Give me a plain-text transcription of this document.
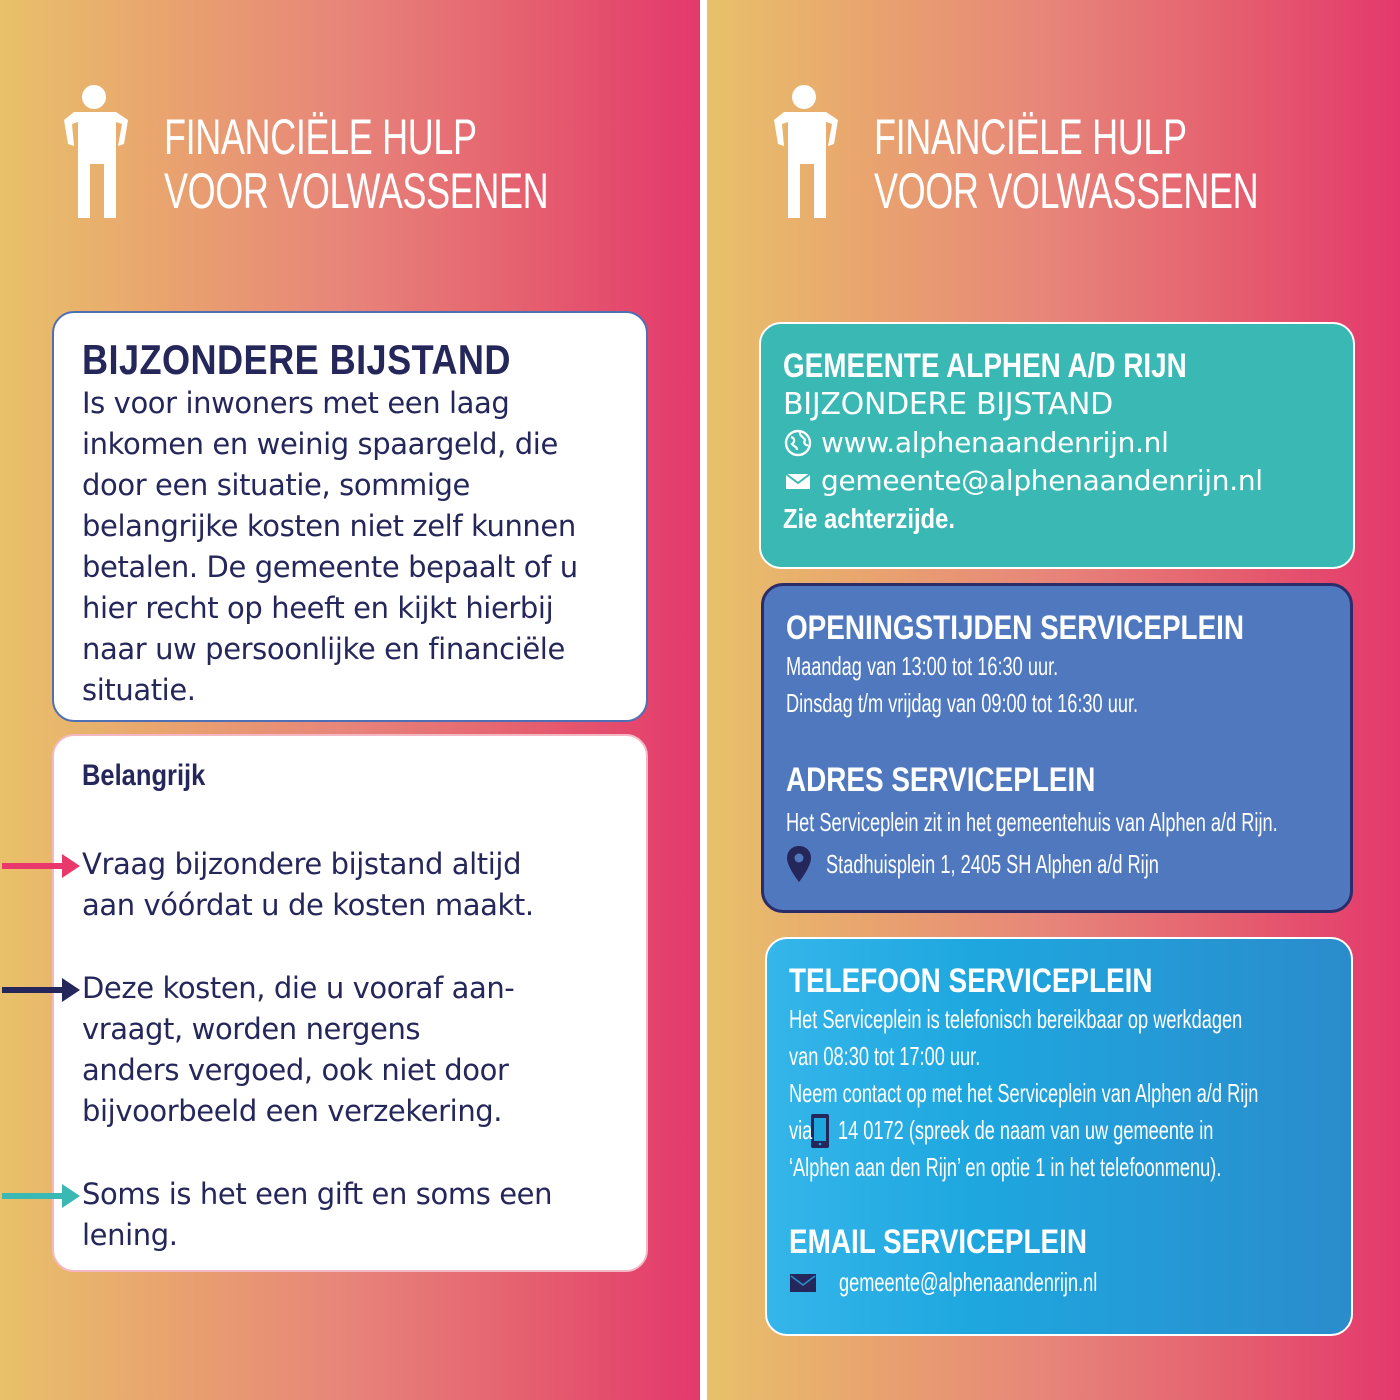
FINANCIËLE HULP
VOOR VOLWASSENEN
BIJZONDERE BIJSTAND

Is voor inwoners met een laag

inkomen en weinig spaargeld, die

door een situatie, sommige

belangrijke kosten niet zelf kunnen

betalen. De gemeente bepaalt of u

hier recht op heeft en kijkt hierbij

naar uw persoonlijke en financiële

situatie.

Belangrijk
Vraag bijzondere bijstand altijd
aan vóórdat u de kosten maakt.
Deze kosten, die u vooraf aan-
vraagt, worden nergens
anders vergoed, ook niet door
bijvoorbeeld een verzekering.
Soms is het een gift en soms een
lening.
FINANCIËLE HULP
VOOR VOLWASSENEN
GEMEENTE ALPHEN A/D RIJN
BIJZONDERE BIJSTAND
www.alphenaandenrijn.nl
gemeente@alphenaandenrijn.nl
Zie achterzijde.
OPENINGSTIJDEN SERVICEPLEIN
Maandag van 13:00 tot 16:30 uur.
Dinsdag t/m vrijdag van 09:00 tot 16:30 uur.
ADRES SERVICEPLEIN
Het Serviceplein zit in het gemeentehuis van Alphen a/d Rijn.
Stadhuisplein 1, 2405 SH Alphen a/d Rijn
TELEFOON SERVICEPLEIN
Het Serviceplein is telefonisch bereikbaar op werkdagen
van 08:30 tot 17:00 uur.
Neem contact op met het Serviceplein van Alphen a/d Rijn
via 14 0172 (spreek de naam van uw gemeente in
‘Alphen aan den Rijn’ en optie 1 in het telefoonmenu).
EMAIL SERVICEPLEIN
gemeente@alphenaandenrijn.nl
